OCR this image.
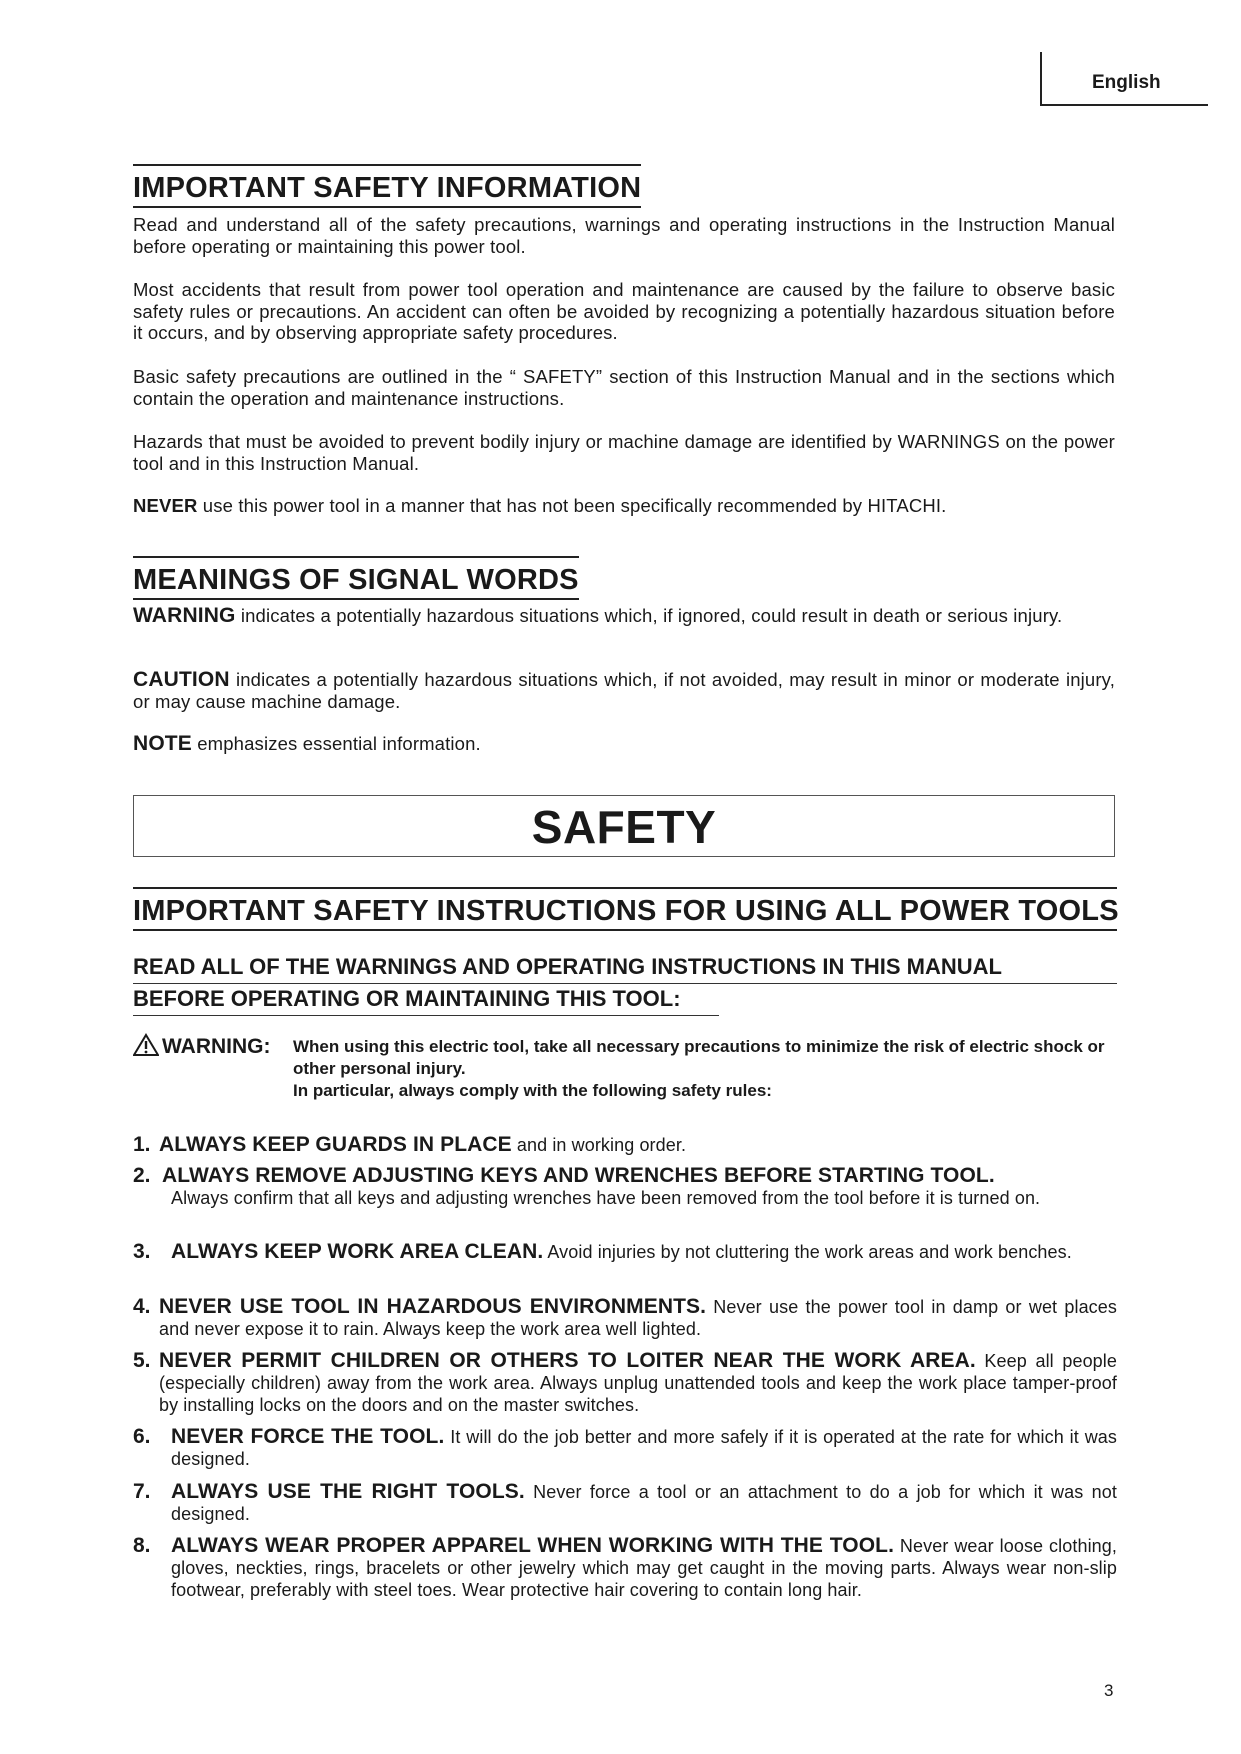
English
IMPORTANT SAFETY INFORMATION

Read and understand all of the safety precautions, warnings and operating instructions in the Instruction Manual before operating or maintaining this power tool.

Most accidents that result from power tool operation and maintenance are caused by the failure to observe basic safety rules or precautions. An accident can often be avoided by recognizing a potentially hazardous situation before it occurs, and by observing appropriate safety procedures.

Basic safety precautions are outlined in the “ SAFETY” section of this Instruction Manual and in the sections which contain the operation and maintenance instructions.

Hazards that must be avoided to prevent bodily injury or machine damage are identified by WARNINGS on the power tool and in this Instruction Manual.

NEVER use this power tool in a manner that has not been specifically recommended by HITACHI.

MEANINGS OF SIGNAL WORDS

WARNING indicates a potentially hazardous situations which, if ignored, could result in death or serious injury.

CAUTION indicates a potentially hazardous situations which, if not avoided, may result in minor or moderate injury, or may cause machine damage.

NOTE emphasizes essential information.

SAFETY
IMPORTANT SAFETY INSTRUCTIONS FOR USING ALL POWER TOOLS
READ ALL OF THE WARNINGS AND OPERATING INSTRUCTIONS IN THIS MANUAL
BEFORE OPERATING OR MAINTAINING THIS TOOL:
WARNING: When using this electric tool, take all necessary precautions to minimize the risk of electric shock or other personal injury.
In particular, always comply with the following safety rules:
1. ALWAYS KEEP GUARDS IN PLACE and in working order.
2. ALWAYS REMOVE ADJUSTING KEYS AND WRENCHES BEFORE STARTING TOOL.
Always confirm that all keys and adjusting wrenches have been removed from the tool before it is turned on.
3. ALWAYS KEEP WORK AREA CLEAN. Avoid injuries by not cluttering the work areas and work benches.
4. NEVER USE TOOL IN HAZARDOUS ENVIRONMENTS. Never use the power tool in damp or wet places and never expose it to rain. Always keep the work area well lighted.
5. NEVER PERMIT CHILDREN OR OTHERS TO LOITER NEAR THE WORK AREA. Keep all people (especially children) away from the work area. Always unplug unattended tools and keep the work place tamper-proof by installing locks on the doors and on the master switches.
6. NEVER FORCE THE TOOL. It will do the job better and more safely if it is operated at the rate for which it was designed.
7. ALWAYS USE THE RIGHT TOOLS. Never force a tool or an attachment to do a job for which it was not designed.
8. ALWAYS WEAR PROPER APPAREL WHEN WORKING WITH THE TOOL. Never wear loose clothing, gloves, neckties, rings, bracelets or other jewelry which may get caught in the moving parts. Always wear non-slip footwear, preferably with steel toes. Wear protective hair covering to contain long hair.
3
